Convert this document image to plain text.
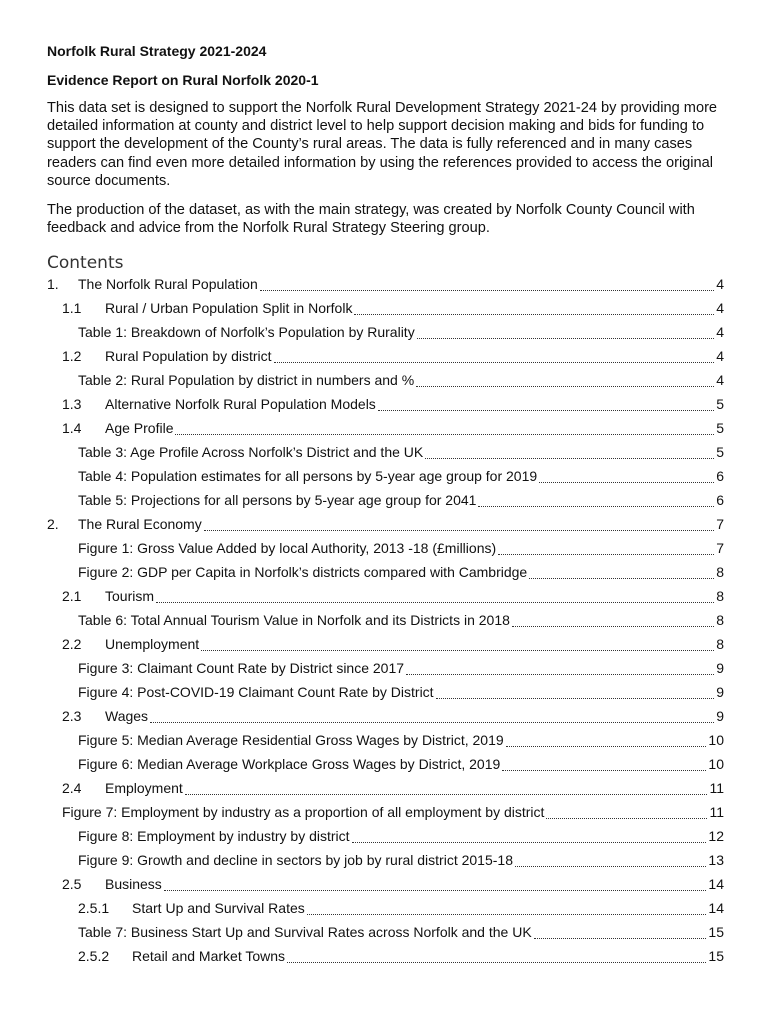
Norfolk Rural Strategy 2021-2024
Evidence Report on Rural Norfolk 2020-1
This data set is designed to support the Norfolk Rural Development Strategy 2021-24 by providing more detailed information at county and district level to help support decision making and bids for funding to support the development of the County’s rural areas. The data is fully referenced and in many cases readers can find even more detailed information by using the references provided to access the original source documents.
The production of the dataset, as with the main strategy, was created by Norfolk County Council with feedback and advice from the Norfolk Rural Strategy Steering group.
Contents
1.	The Norfolk Rural Population	4
1.1	Rural / Urban Population Split in Norfolk	4
Table 1: Breakdown of Norfolk’s Population by Rurality	4
1.2	Rural Population by district	4
Table 2: Rural Population by district in numbers and %	4
1.3	Alternative Norfolk Rural Population Models	5
1.4	Age Profile	5
Table 3: Age Profile Across Norfolk’s District and the UK	5
Table 4: Population estimates for all persons by 5-year age group for 2019	6
Table 5: Projections for all persons by 5-year age group for 2041	6
2.	The Rural Economy	7
Figure 1: Gross Value Added by local Authority, 2013 -18 (£millions)	7
Figure 2: GDP per Capita in Norfolk’s districts compared with Cambridge	8
2.1	Tourism	8
Table 6: Total Annual Tourism Value in Norfolk and its Districts in 2018	8
2.2	Unemployment	8
Figure 3: Claimant Count Rate by District since 2017	9
Figure 4: Post-COVID-19 Claimant Count Rate by District	9
2.3	Wages	9
Figure 5: Median Average Residential Gross Wages by District, 2019	10
Figure 6: Median Average Workplace Gross Wages by District, 2019	10
2.4	Employment	11
Figure 7: Employment by industry as a proportion of all employment by district	11
Figure 8: Employment by industry by district	12
Figure 9: Growth and decline in sectors by job by rural district 2015-18	13
2.5	Business	14
2.5.1	Start Up and Survival Rates	14
Table 7: Business Start Up and Survival Rates across Norfolk and the UK	15
2.5.2	Retail and Market Towns	15
